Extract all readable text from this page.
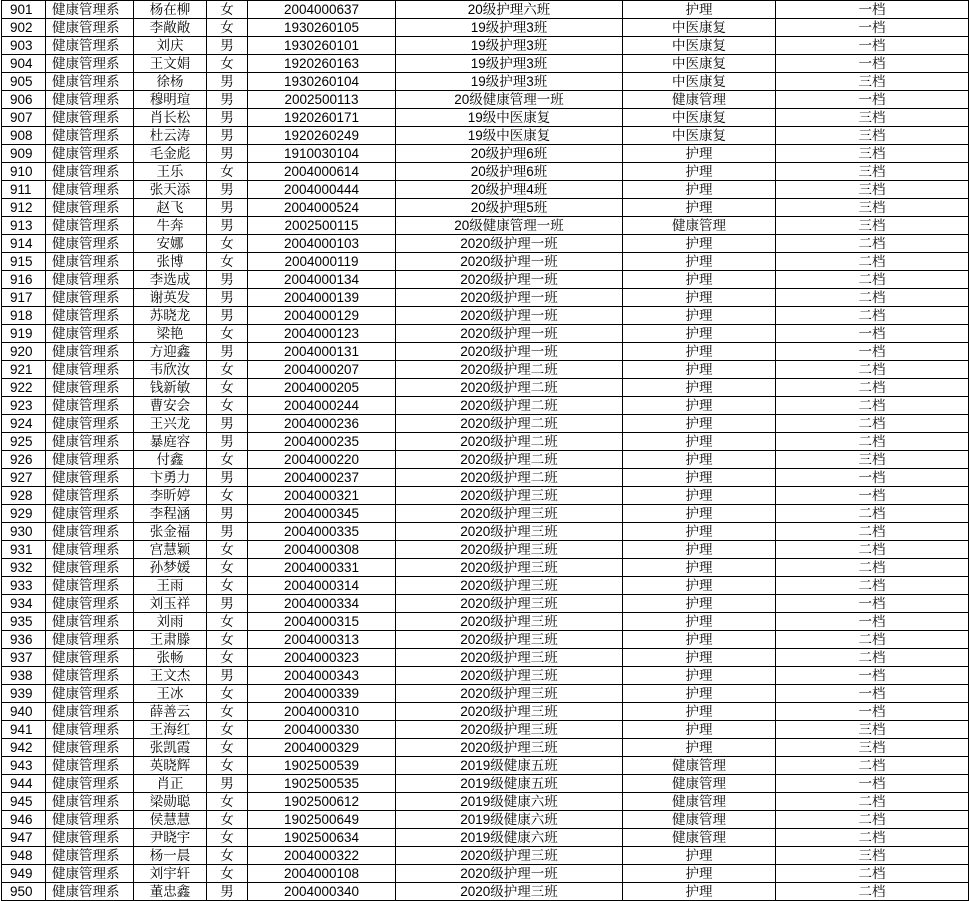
901	健康管理系	杨在柳	女	2004000637	20级护理六班	护理	一档
902	健康管理系	李敞敞	女	1930260105	19级护理3班	中医康复	一档
903	健康管理系	刘庆	男	1930260101	19级护理3班	中医康复	一档
904	健康管理系	王文娟	女	1920260163	19级护理3班	中医康复	一档
905	健康管理系	徐杨	男	1930260104	19级护理3班	中医康复	三档
906	健康管理系	穆明瑄	男	2002500113	20级健康管理一班	健康管理	一档
907	健康管理系	肖长松	男	1920260171	19级中医康复	中医康复	三档
908	健康管理系	杜云涛	男	1920260249	19级中医康复	中医康复	三档
909	健康管理系	毛金彪	男	1910030104	20级护理6班	护理	三档
910	健康管理系	王乐	女	2004000614	20级护理6班	护理	三档
911	健康管理系	张天添	男	2004000444	20级护理4班	护理	三档
912	健康管理系	赵飞	男	2004000524	20级护理5班	护理	三档
913	健康管理系	牛奔	男	2002500115	20级健康管理一班	健康管理	三档
914	健康管理系	安娜	女	2004000103	2020级护理一班	护理	二档
915	健康管理系	张博	女	2004000119	2020级护理一班	护理	二档
916	健康管理系	李选成	男	2004000134	2020级护理一班	护理	二档
917	健康管理系	谢英发	男	2004000139	2020级护理一班	护理	二档
918	健康管理系	苏晓龙	男	2004000129	2020级护理一班	护理	二档
919	健康管理系	梁艳	女	2004000123	2020级护理一班	护理	一档
920	健康管理系	方迎鑫	男	2004000131	2020级护理一班	护理	一档
921	健康管理系	韦欣汝	女	2004000207	2020级护理二班	护理	二档
922	健康管理系	钱新敏	女	2004000205	2020级护理二班	护理	二档
923	健康管理系	曹安会	女	2004000244	2020级护理二班	护理	二档
924	健康管理系	王兴龙	男	2004000236	2020级护理二班	护理	二档
925	健康管理系	暴庭容	男	2004000235	2020级护理二班	护理	二档
926	健康管理系	付鑫	女	2004000220	2020级护理二班	护理	三档
927	健康管理系	卞勇力	男	2004000237	2020级护理二班	护理	一档
928	健康管理系	李昕婷	女	2004000321	2020级护理三班	护理	一档
929	健康管理系	李程涵	男	2004000345	2020级护理三班	护理	二档
930	健康管理系	张金福	男	2004000335	2020级护理三班	护理	二档
931	健康管理系	宫慧颖	女	2004000308	2020级护理三班	护理	二档
932	健康管理系	孙梦媛	女	2004000331	2020级护理三班	护理	二档
933	健康管理系	王雨	女	2004000314	2020级护理三班	护理	二档
934	健康管理系	刘玉祥	男	2004000334	2020级护理三班	护理	一档
935	健康管理系	刘雨	女	2004000315	2020级护理三班	护理	一档
936	健康管理系	王肃滕	女	2004000313	2020级护理三班	护理	二档
937	健康管理系	张畅	女	2004000323	2020级护理三班	护理	二档
938	健康管理系	王文杰	男	2004000343	2020级护理三班	护理	一档
939	健康管理系	王冰	女	2004000339	2020级护理三班	护理	一档
940	健康管理系	薛善云	女	2004000310	2020级护理三班	护理	一档
941	健康管理系	王海红	女	2004000330	2020级护理三班	护理	三档
942	健康管理系	张凯霞	女	2004000329	2020级护理三班	护理	三档
943	健康管理系	英晓辉	女	1902500539	2019级健康五班	健康管理	二档
944	健康管理系	肖正	男	1902500535	2019级健康五班	健康管理	一档
945	健康管理系	梁勋聪	女	1902500612	2019级健康六班	健康管理	二档
946	健康管理系	侯慧慧	女	1902500649	2019级健康六班	健康管理	二档
947	健康管理系	尹晓宇	女	1902500634	2019级健康六班	健康管理	二档
948	健康管理系	杨一晨	女	2004000322	2020级护理三班	护理	三档
949	健康管理系	刘宇轩	女	2004000108	2020级护理一班	护理	二档
950	健康管理系	董忠鑫	男	2004000340	2020级护理三班	护理	二档
